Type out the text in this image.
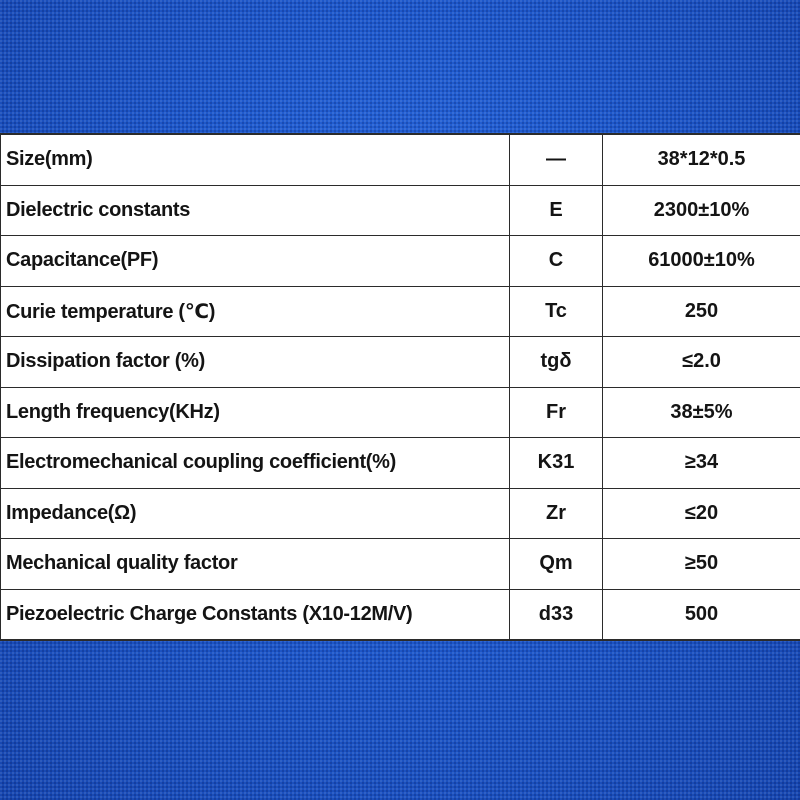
Size(mm)	—	38*12*0.5
Dielectric constants	E	2300±10%
Capacitance(PF)	C	61000±10%
Curie temperature (℃)	Tc	250
Dissipation factor (%)	tgδ	≤2.0
Length frequency(KHz)	Fr	38±5%
Electromechanical coupling coefficient(%)	K31	≥34
Impedance(Ω)	Zr	≤20
Mechanical quality factor	Qm	≥50
Piezoelectric Charge Constants (X10-12M/V)	d33	500
